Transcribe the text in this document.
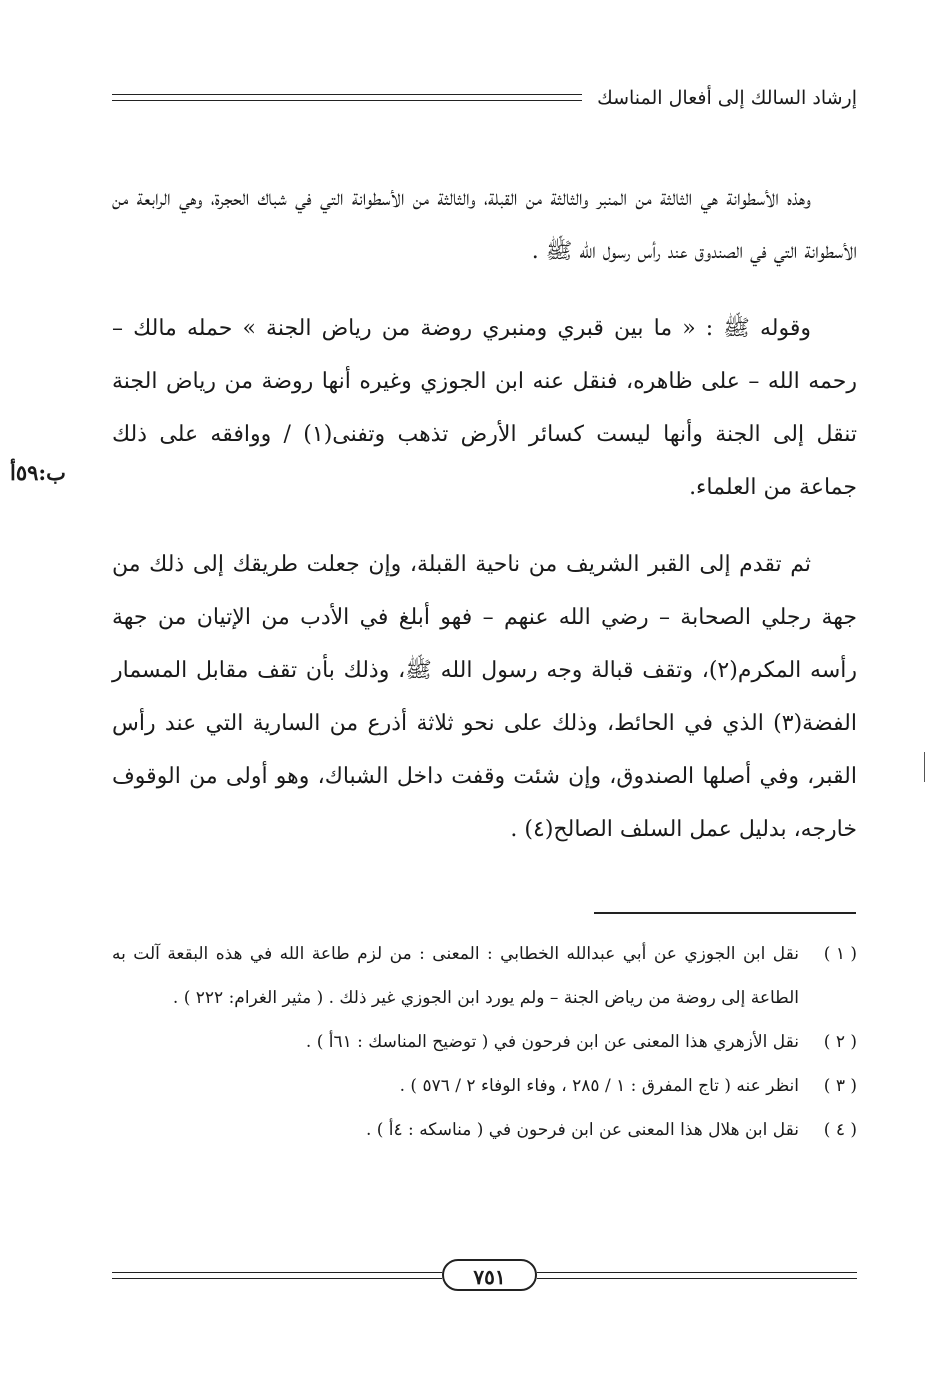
إرشاد السالك إلى أفعال المناسك

وهذه الأسطوانة هي الثالثة من المنبر والثالثة من القبلة، والثالثة من الأسطوانة التي في شباك الحجرة، وهي الرابعة من الأسطوانة التي في الصندوق عند رأس رسول الله ﷺ .

وقوله ﷺ : « ما بين قبري ومنبري روضة من رياض الجنة » حمله مالك – رحمه الله – على ظاهره، فنقل عنه ابن الجوزي وغيره أنها روضة من رياض الجنة تنقل إلى الجنة وأنها ليست كسائر الأرض تذهب وتفنى(١) / ووافقه على ذلك جماعة من العلماء.

ثم تقدم إلى القبر الشريف من ناحية القبلة، وإن جعلت طريقك إلى ذلك من جهة رجلي الصحابة – رضي الله عنهم – فهو أبلغ في الأدب من الإتيان من جهة رأسه المكرم(٢)، وتقف قبالة وجه رسول الله ﷺ، وذلك بأن تقف مقابل المسمار الفضة(٣) الذي في الحائط، وذلك على نحو ثلاثة أذرع من السارية التي عند رأس القبر، وفي أصلها الصندوق، وإن شئت وقفت داخل الشباك، وهو أولى من الوقوف خارجه، بدليل عمل السلف الصالح(٤) .

ب:٥٩أ
( ١ )
نقل ابن الجوزي عن أبي عبدالله الخطابي : المعنى : من لزم طاعة الله في هذه البقعة آلت به الطاعة إلى روضة من رياض الجنة – ولم يورد ابن الجوزي غير ذلك . ( مثير الغرام: ٢٢٢ ) .
( ٢ )
نقل الأزهري هذا المعنى عن ابن فرحون في ( توضيح المناسك : ٦١أ ) .
( ٣ )
انظر عنه ( تاج المفرق : ١ / ٢٨٥ ، وفاء الوفاء ٢ / ٥٧٦ ) .
( ٤ )
نقل ابن هلال هذا المعنى عن ابن فرحون في ( مناسكه : ٤أ ) .
٧٥١
